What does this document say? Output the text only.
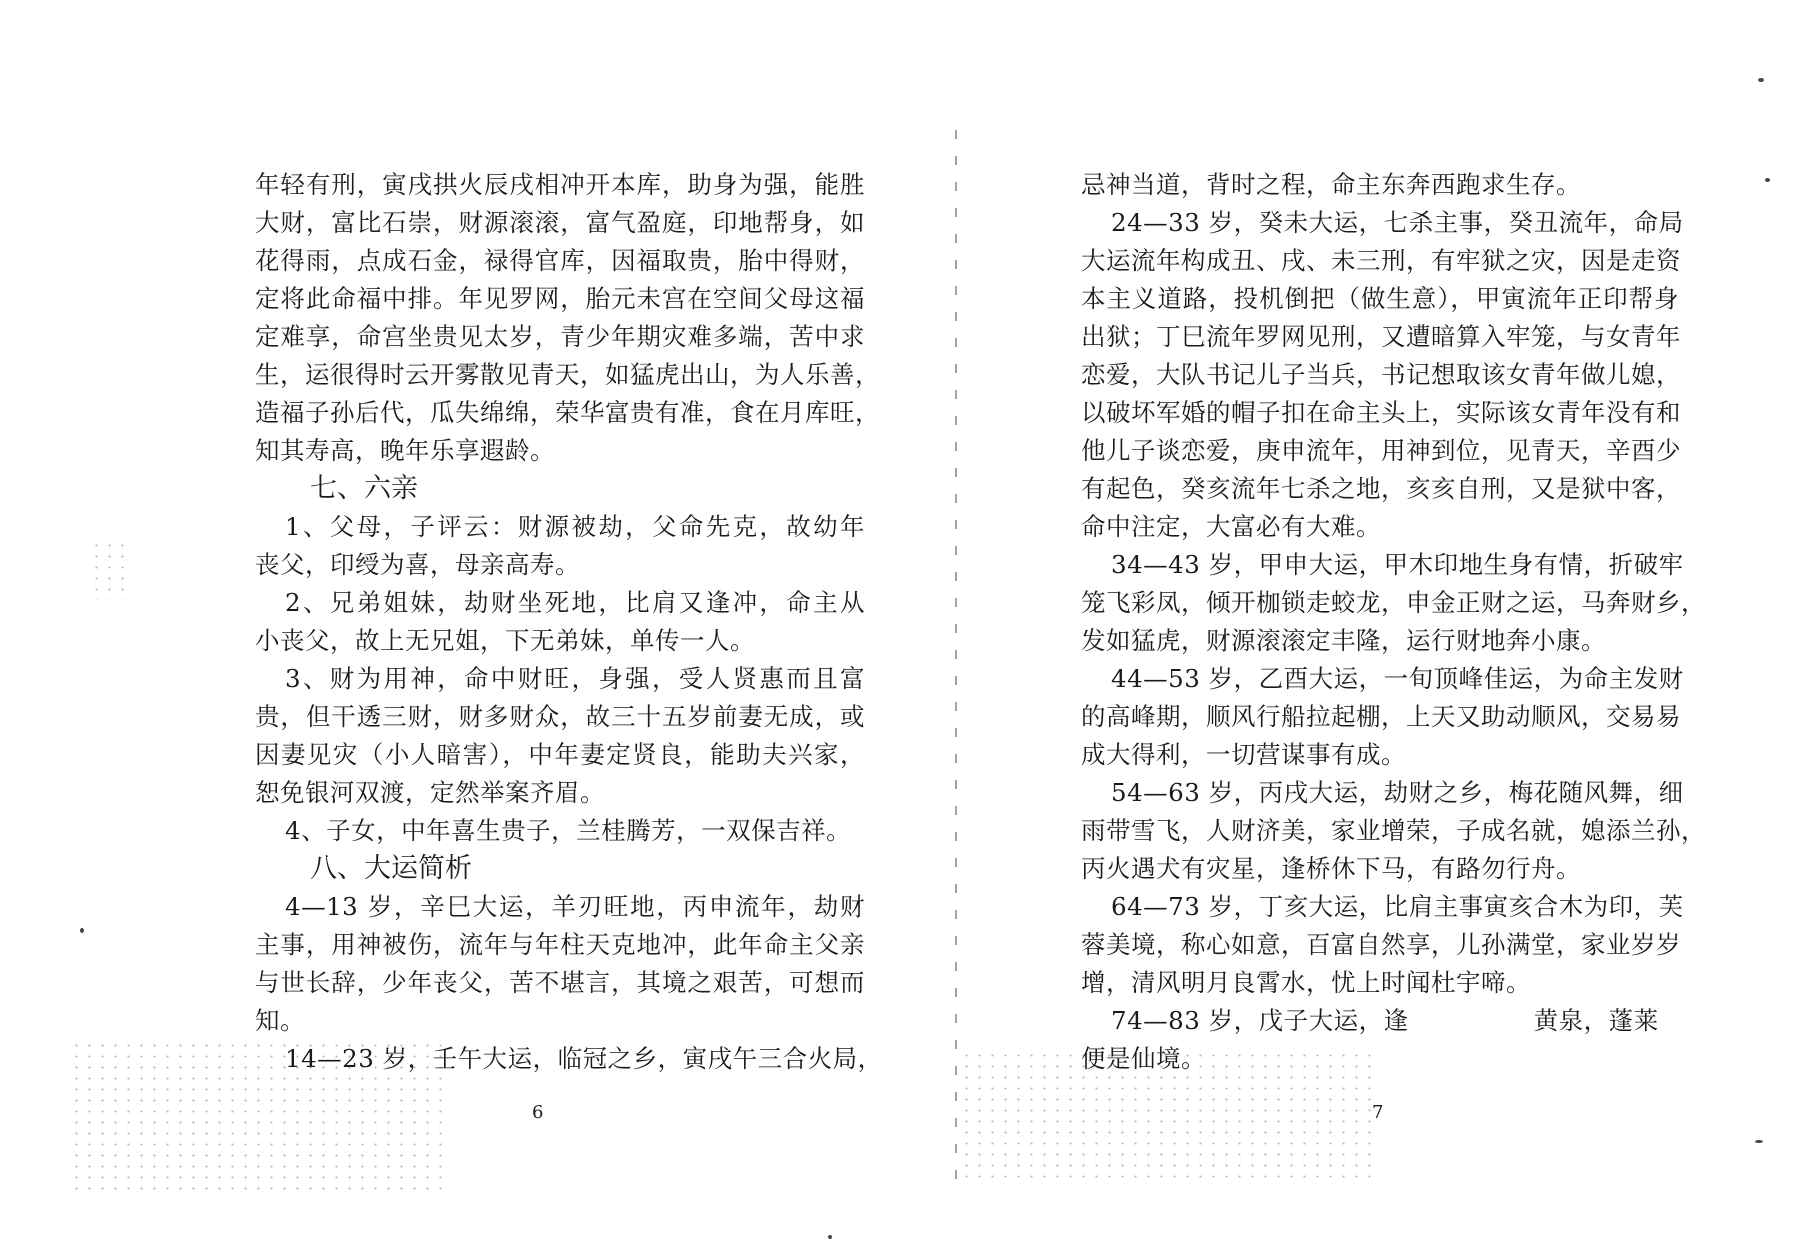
年轻有刑，寅戌拱火辰戌相冲开本库，助身为强，能胜
大财，富比石崇，财源滚滚，富气盈庭，印地帮身，如
花得雨，点成石金，禄得官库，因福取贵，胎中得财，
定将此命福中排。年见罗网，胎元未宫在空间父母这福
定难享，命宫坐贵见太岁，青少年期灾难多端，苦中求
生，运很得时云开雾散见青天，如猛虎出山，为人乐善，
造福子孙后代，瓜失绵绵，荣华富贵有准，食在月库旺，
知其寿高，晚年乐享遐龄。
七、六亲
1、父母，子评云：财源被劫，父命先克，故幼年
丧父，印绶为喜，母亲高寿。
2、兄弟姐妹，劫财坐死地，比肩又逢冲，命主从
小丧父，故上无兄姐，下无弟妹，单传一人。
3、财为用神，命中财旺，身强，受人贤惠而且富
贵，但干透三财，财多财众，故三十五岁前妻无成，或
因妻见灾（小人暗害），中年妻定贤良，能助夫兴家，
恕免银河双渡，定然举案齐眉。
4、子女，中年喜生贵子，兰桂腾芳，一双保吉祥。
八、大运简析
4—13 岁，辛巳大运，羊刃旺地，丙申流年，劫财
主事，用神被伤，流年与年柱天克地冲，此年命主父亲
与世长辞，少年丧父，苦不堪言，其境之艰苦，可想而
知。
14—23 岁，壬午大运，临冠之乡，寅戌午三合火局，
6
忌神当道，背时之程，命主东奔西跑求生存。
24—33 岁，癸未大运，七杀主事，癸丑流年，命局
大运流年构成丑、戌、未三刑，有牢狱之灾，因是走资
本主义道路，投机倒把（做生意），甲寅流年正印帮身
出狱；丁巳流年罗网见刑，又遭暗算入牢笼，与女青年
恋爱，大队书记儿子当兵，书记想取该女青年做儿媳，
以破坏军婚的帽子扣在命主头上，实际该女青年没有和
他儿子谈恋爱，庚申流年，用神到位，见青天，辛酉少
有起色，癸亥流年七杀之地，亥亥自刑，又是狱中客，
命中注定，大富必有大难。
34—43 岁，甲申大运，甲木印地生身有情，折破牢
笼飞彩凤，倾开枷锁走蛟龙，申金正财之运，马奔财乡，
发如猛虎，财源滚滚定丰隆，运行财地奔小康。
44—53 岁，乙酉大运，一旬顶峰佳运，为命主发财
的高峰期，顺风行船拉起棚，上天又助动顺风，交易易
成大得利，一切营谋事有成。
54—63 岁，丙戌大运，劫财之乡，梅花随风舞，细
雨带雪飞，人财济美，家业增荣，子成名就，媳添兰孙，
丙火遇犬有灾星，逢桥休下马，有路勿行舟。
64—73 岁，丁亥大运，比肩主事寅亥合木为印，芙
蓉美境，称心如意，百富自然享，儿孙满堂，家业岁岁
增，清风明月良霄水，忧上时闻杜宇啼。
74—83 岁，戊子大运，逢　　　　　黄泉，蓬莱
便是仙境。
7
